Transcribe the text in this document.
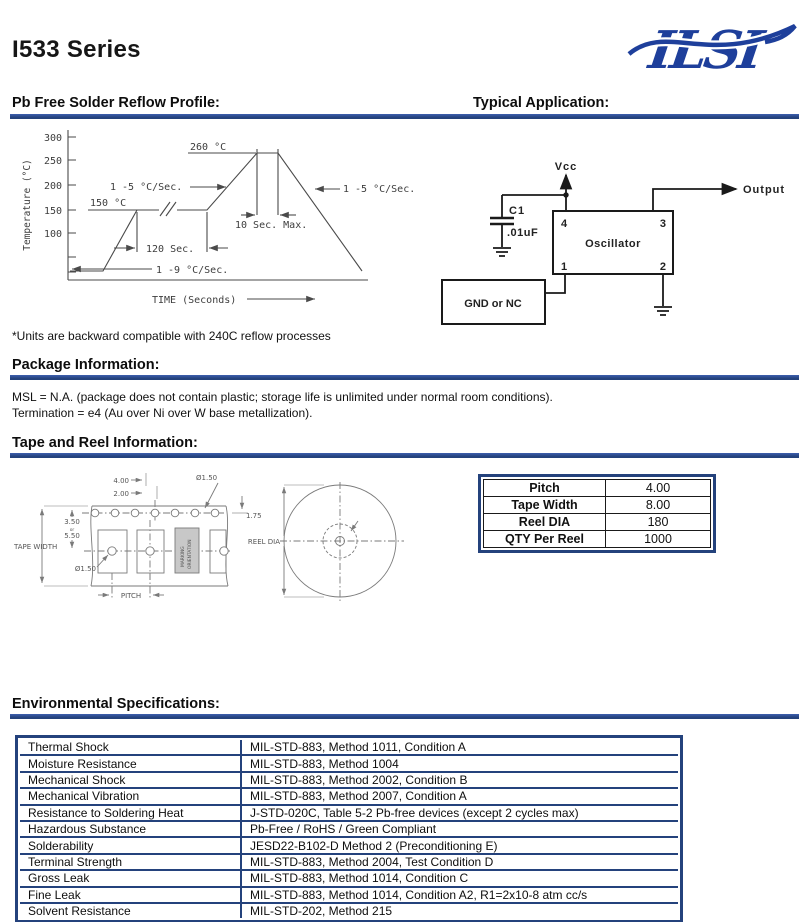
I533 Series	ILSI
Pb Free Solder Reflow Profile:	Typical Application:
300
250
200
150
100
Temperature (°C)
260 °C
150 °C
1 -5 °C/Sec.	1 -5 °C/Sec.
10 Sec. Max.
120 Sec.
1 -9 °C/Sec.
TIME (Seconds)
Vcc
C1
.01uF
Oscillator
4	3
1	2
GND or NC
Output

*Units are backward compatible with 240C reflow processes

Package Information:

MSL = N.A. (package does not contain plastic; storage life is unlimited under normal room conditions).

Termination = e4 (Au over Ni over W base metallization).

Tape and Reel Information:
4.00
2.00
Ø1.50
1.75
3.50
or
5.50
TAPE WIDTH
Ø1.50
PITCH
MARKING ORIENTATION	REEL DIA
Pitch	4.00
Tape Width	8.00
Reel DIA	180
QTY Per Reel	1000
Environmental Specifications:
Thermal Shock	MIL-STD-883, Method 1011, Condition A
Moisture Resistance	MIL-STD-883, Method 1004
Mechanical Shock	MIL-STD-883, Method 2002, Condition B
Mechanical Vibration	MIL-STD-883, Method 2007, Condition A
Resistance to Soldering Heat	J-STD-020C, Table 5-2 Pb-free devices (except 2 cycles max)
Hazardous Substance	Pb-Free / RoHS / Green Compliant
Solderability	JESD22-B102-D Method 2 (Preconditioning E)
Terminal Strength	MIL-STD-883, Method 2004, Test Condition D
Gross Leak	MIL-STD-883, Method 1014, Condition C
Fine Leak	MIL-STD-883, Method 1014, Condition A2, R1=2x10-8 atm cc/s
Solvent Resistance	MIL-STD-202, Method 215
